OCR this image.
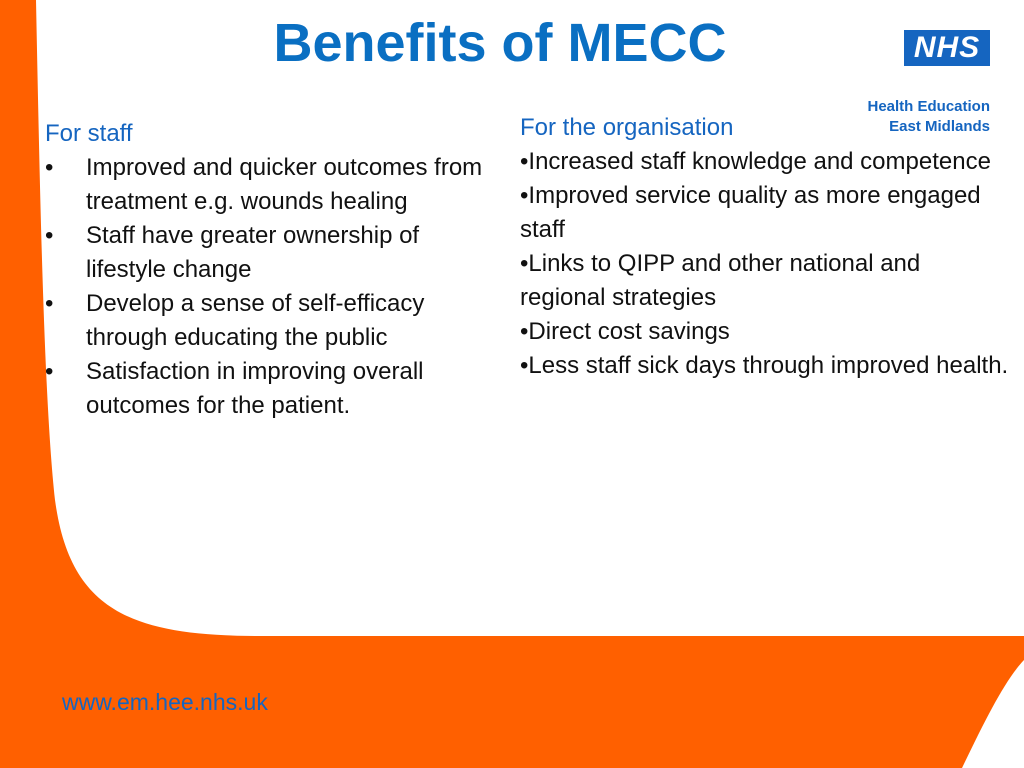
Benefits of MECC	NHS
Health Education
East Midlands
For staff
• Improved and quicker outcomes from treatment e.g. wounds healing
• Staff have greater ownership of lifestyle change
• Develop a sense of self-efficacy through educating the public
• Satisfaction in improving overall outcomes for the patient.
For the organisation
•Increased staff knowledge and competence
•Improved service quality as more engaged staff
•Links to QIPP and other national and regional strategies
•Direct cost savings
•Less staff sick days through improved health.
www.em.hee.nhs.uk
